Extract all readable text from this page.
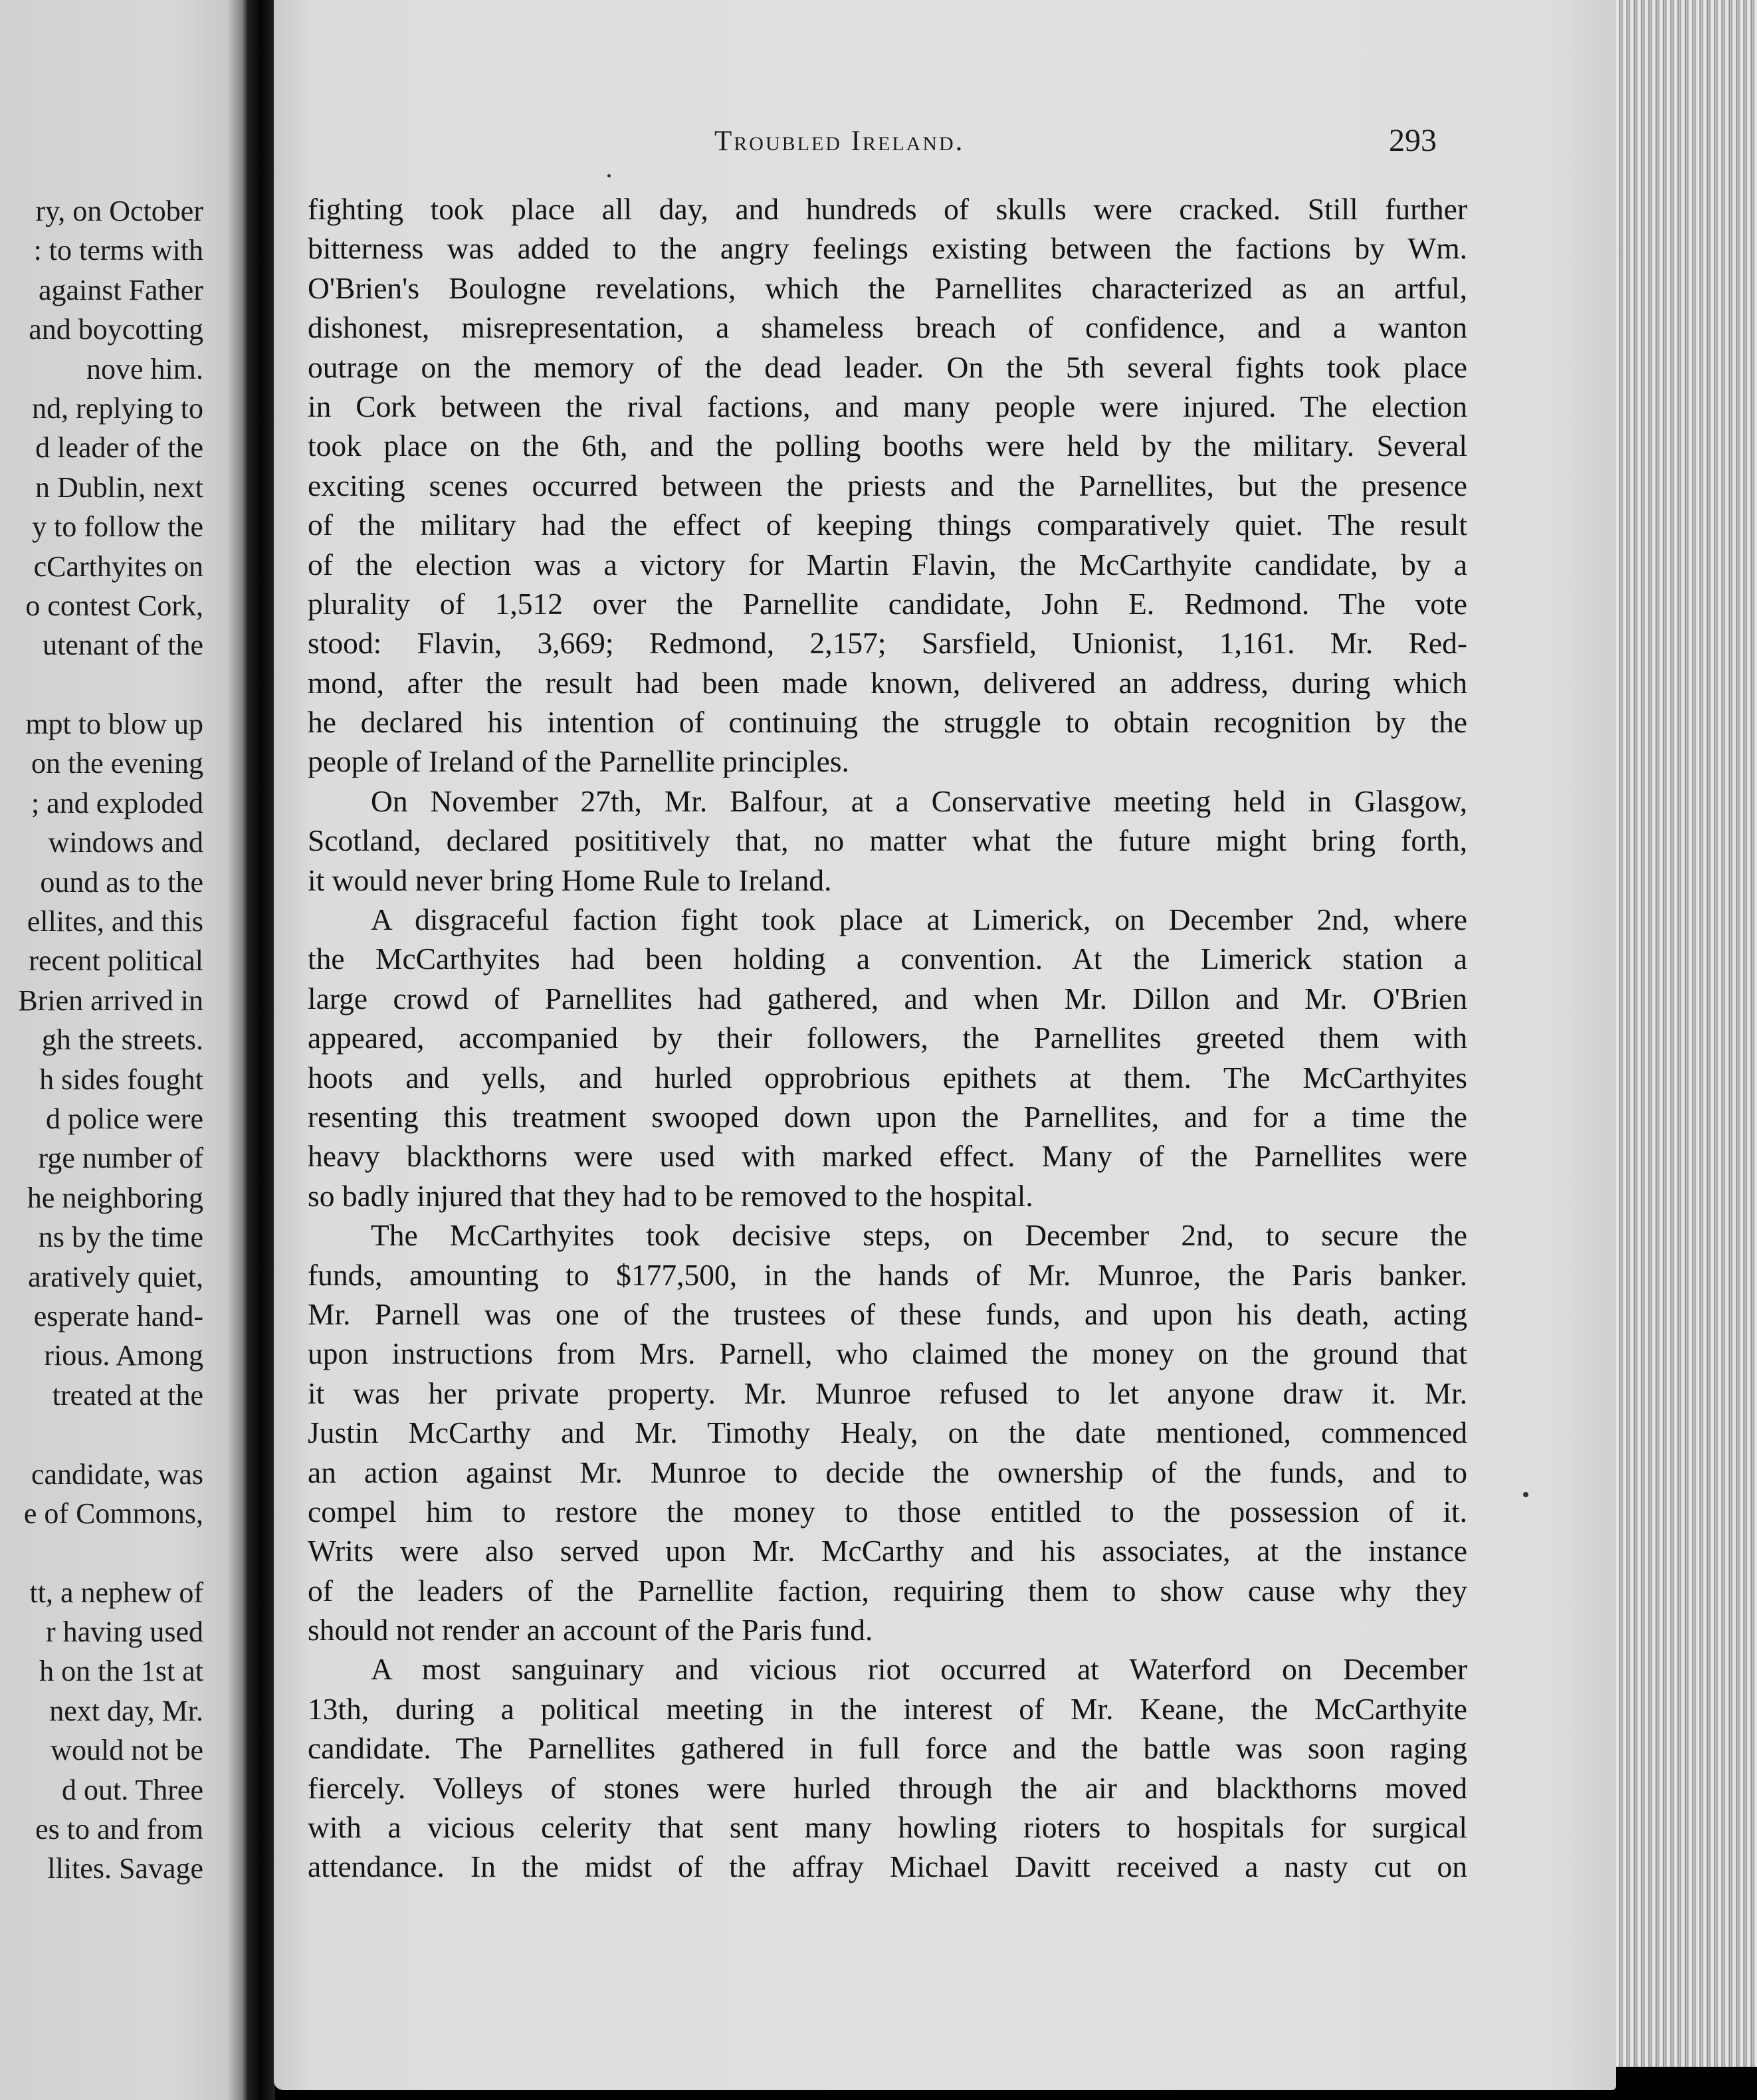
ry, on October
: to terms with
against Father
and boycotting
nove him.
nd, replying to
d leader of the
n Dublin, next
y to follow the
cCarthyites on
o contest Cork,
utenant of the
mpt to blow up
on the evening
; and exploded
windows and
ound as to the
ellites, and this
recent political
Brien arrived in
gh the streets.
h sides fought
d police were
rge number of
he neighboring
ns by the time
aratively quiet,
esperate hand-
rious. Among
treated at the
candidate, was
e of Commons,
tt, a nephew of
r having used
h on the 1st at
next day, Mr.
would not be
d out. Three
es to and from
llites. Savage
Troubled Ireland.	293
fighting took place all day, and hundreds of skulls were cracked. Still further
bitterness was added to the angry feelings existing between the factions by Wm.
O'Brien's Boulogne revelations, which the Parnellites characterized as an artful,
dishonest, misrepresentation, a shameless breach of confidence, and a wanton
outrage on the memory of the dead leader. On the 5th several fights took place
in Cork between the rival factions, and many people were injured. The election
took place on the 6th, and the polling booths were held by the military. Several
exciting scenes occurred between the priests and the Parnellites, but the presence
of the military had the effect of keeping things comparatively quiet. The result
of the election was a victory for Martin Flavin, the McCarthyite candidate, by a
plurality of 1,512 over the Parnellite candidate, John E. Redmond. The vote
stood: Flavin, 3,669; Redmond, 2,157; Sarsfield, Unionist, 1,161. Mr. Red-
mond, after the result had been made known, delivered an address, during which
he declared his intention of continuing the struggle to obtain recognition by the
people of Ireland of the Parnellite principles.
On November 27th, Mr. Balfour, at a Conservative meeting held in Glasgow,
Scotland, declared posititively that, no matter what the future might bring forth,
it would never bring Home Rule to Ireland.
A disgraceful faction fight took place at Limerick, on December 2nd, where
the McCarthyites had been holding a convention. At the Limerick station a
large crowd of Parnellites had gathered, and when Mr. Dillon and Mr. O'Brien
appeared, accompanied by their followers, the Parnellites greeted them with
hoots and yells, and hurled opprobrious epithets at them. The McCarthyites
resenting this treatment swooped down upon the Parnellites, and for a time the
heavy blackthorns were used with marked effect. Many of the Parnellites were
so badly injured that they had to be removed to the hospital.
The McCarthyites took decisive steps, on December 2nd, to secure the
funds, amounting to $177,500, in the hands of Mr. Munroe, the Paris banker.
Mr. Parnell was one of the trustees of these funds, and upon his death, acting
upon instructions from Mrs. Parnell, who claimed the money on the ground that
it was her private property. Mr. Munroe refused to let anyone draw it. Mr.
Justin McCarthy and Mr. Timothy Healy, on the date mentioned, commenced
an action against Mr. Munroe to decide the ownership of the funds, and to
compel him to restore the money to those entitled to the possession of it.
Writs were also served upon Mr. McCarthy and his associates, at the instance
of the leaders of the Parnellite faction, requiring them to show cause why they
should not render an account of the Paris fund.
A most sanguinary and vicious riot occurred at Waterford on December
13th, during a political meeting in the interest of Mr. Keane, the McCarthyite
candidate. The Parnellites gathered in full force and the battle was soon raging
fiercely. Volleys of stones were hurled through the air and blackthorns moved
with a vicious celerity that sent many howling rioters to hospitals for surgical
attendance. In the midst of the affray Michael Davitt received a nasty cut on
